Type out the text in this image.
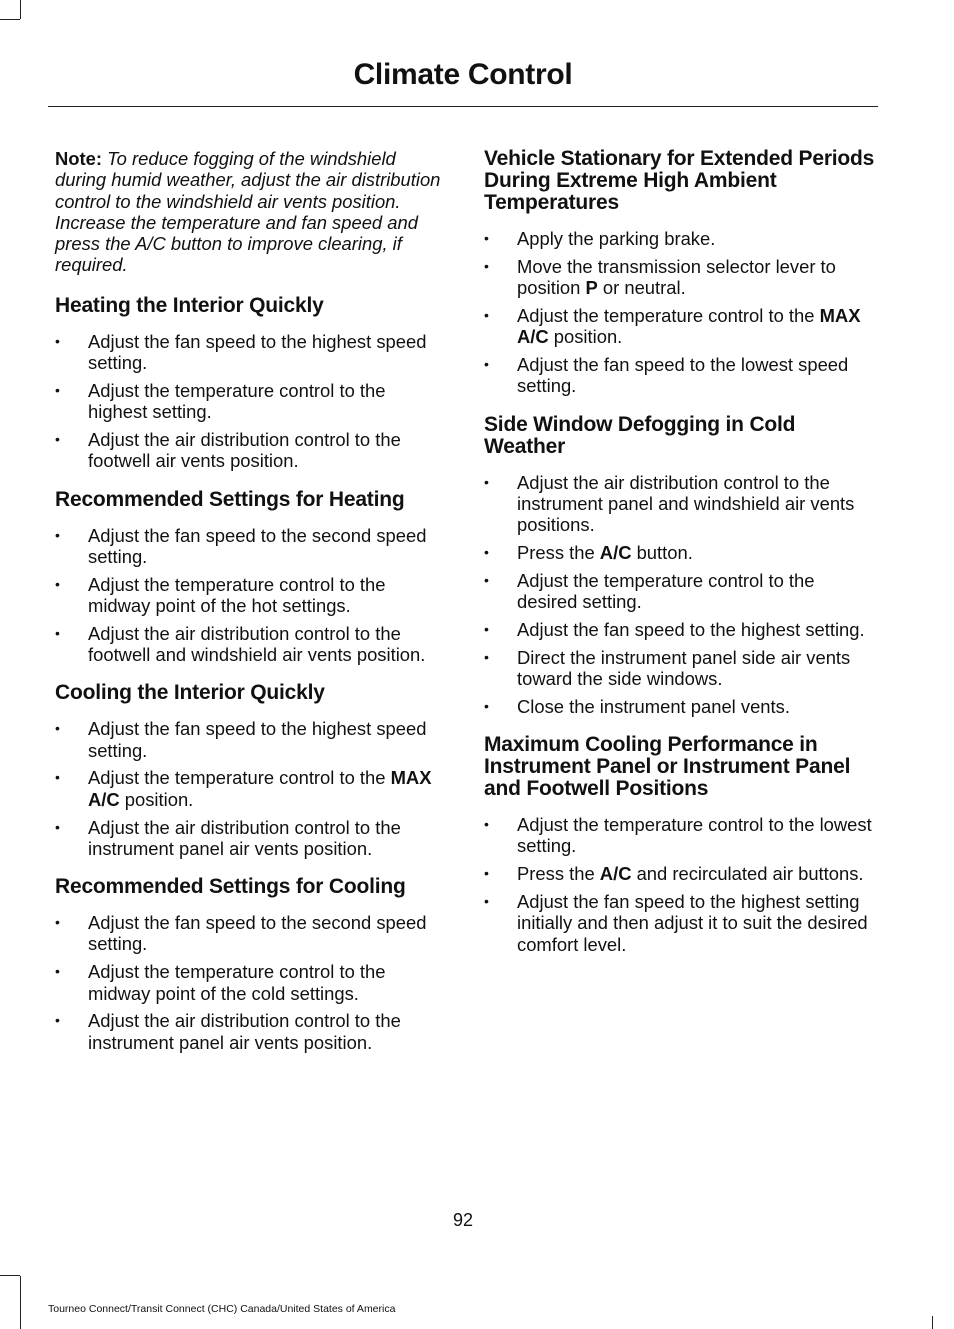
Climate Control

Note: To reduce fogging of the windshield during humid weather, adjust the air distribution control to the windshield air vents position. Increase the temperature and fan speed and press the A/C button to improve clearing, if required.

Heating the Interior Quickly
• Adjust the fan speed to the highest speed setting.
• Adjust the temperature control to the highest setting.
• Adjust the air distribution control to the footwell air vents position.
Recommended Settings for Heating
• Adjust the fan speed to the second speed setting.
• Adjust the temperature control to the midway point of the hot settings.
• Adjust the air distribution control to the footwell and windshield air vents position.
Cooling the Interior Quickly
• Adjust the fan speed to the highest speed setting.
• Adjust the temperature control to the MAX A/C position.
• Adjust the air distribution control to the instrument panel air vents position.
Recommended Settings for Cooling
• Adjust the fan speed to the second speed setting.
• Adjust the temperature control to the midway point of the cold settings.
• Adjust the air distribution control to the instrument panel air vents position.
Vehicle Stationary for Extended Periods During Extreme High Ambient Temperatures
• Apply the parking brake.
• Move the transmission selector lever to position P or neutral.
• Adjust the temperature control to the MAX A/C position.
• Adjust the fan speed to the lowest speed setting.
Side Window Defogging in Cold Weather
• Adjust the air distribution control to the instrument panel and windshield air vents positions.
• Press the A/C button.
• Adjust the temperature control to the desired setting.
• Adjust the fan speed to the highest setting.
• Direct the instrument panel side air vents toward the side windows.
• Close the instrument panel vents.
Maximum Cooling Performance in Instrument Panel or Instrument Panel and Footwell Positions
• Adjust the temperature control to the lowest setting.
• Press the A/C and recirculated air buttons.
• Adjust the fan speed to the highest setting initially and then adjust it to suit the desired comfort level.
92
Tourneo Connect/Transit Connect (CHC) Canada/United States of America
